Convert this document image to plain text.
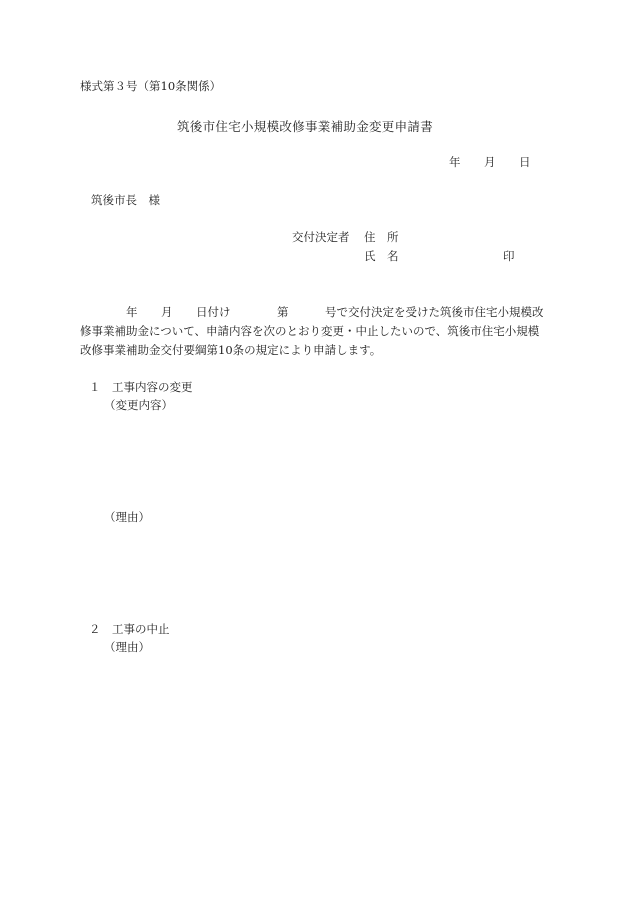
様式第３号（第10条関係）

筑後市住宅小規模改修事業補助金変更申請書

年 月 日

筑後市長　様

交付決定者 住　所
氏　名	印
年 月 日付け	第	号で交付決定を受けた筑後市住宅小規模改

修事業補助金について、申請内容を次のとおり変更・中止したいので、筑後市住宅小規模

改修事業補助金交付要綱第10条の規定により申請します。

１　工事内容の変更

（変更内容）

（理由）

２　工事の中止

（理由）
